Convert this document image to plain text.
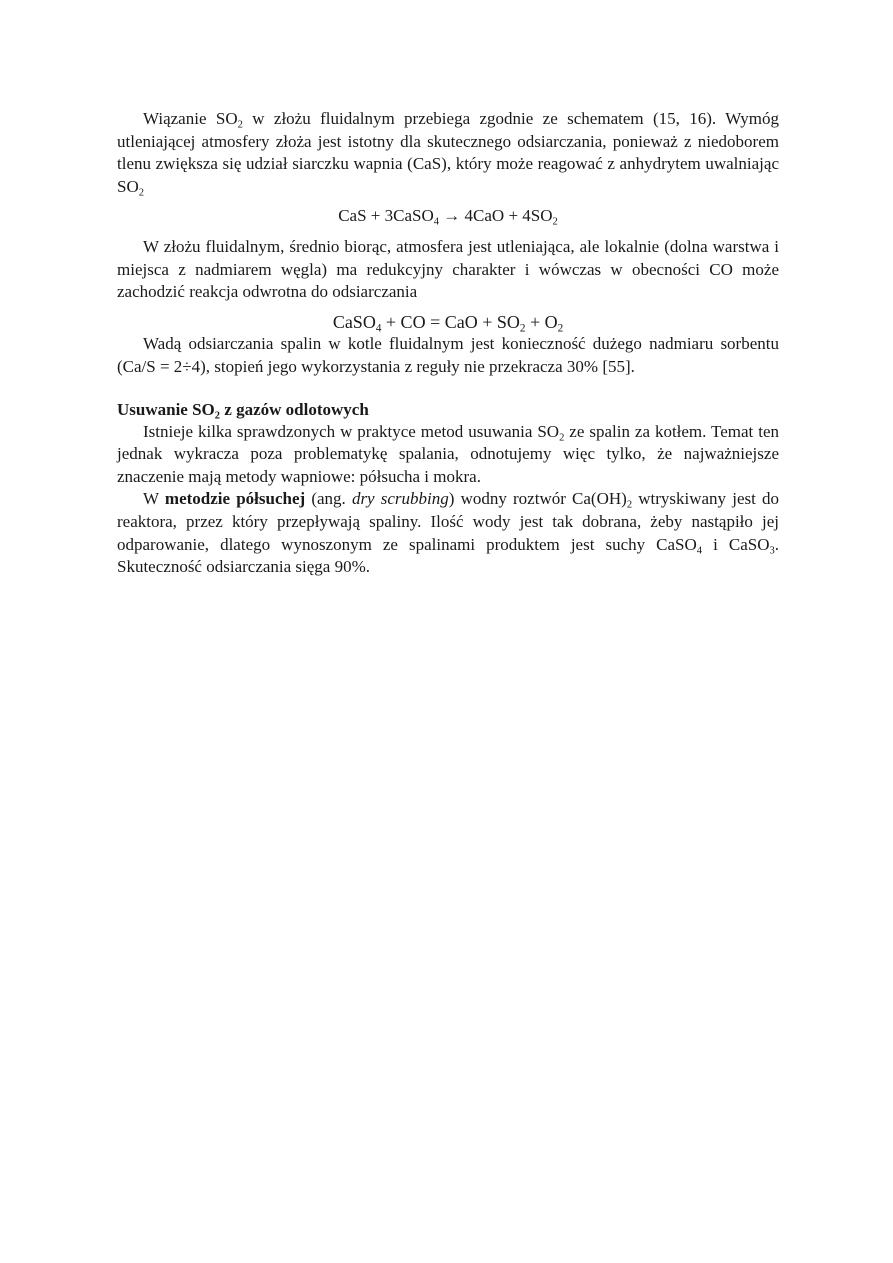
Wiązanie $SO_2$ w złożu fluidalnym przebiega zgodnie ze schematem (15, 16). Wymóg utleniającej atmosfery złoża jest istotny dla skutecznego odsiarczania, ponieważ z niedoborem tlenu zwiększa się udział siarczku wapnia (CaS), który może reagować z anhydrytem uwalniając $SO_2$

CaS + 3CaSO$_4$ → $4CaO + 4SO_2$

W złożu fluidalnym, średnio biorąc, atmosfera jest utleniająca, ale lokalnie (dolna warstwa i miejsca z nadmiarem węgla) ma redukcyjny charakter i wówczas w obecności CO może zachodzić reakcja odwrotna do odsiarczania

CaSO$_4$ + CO = CaO + $SO_2 + O_2$

Wadą odsiarczania spalin w kotle fluidalnym jest konieczność dużego nadmiaru sorbentu (Ca/S = 2÷4), stopień jego wykorzystania z reguły nie przekracza 30% [55].

Usuwanie $SO_2$ z gazów odlotowych

Istnieje kilka sprawdzonych w praktyce metod usuwania $SO_2$ ze spalin za kotłem. Temat ten jednak wykracza poza problematykę spalania, odnotujemy więc tylko, że najważniejsze znaczenie mają metody wapniowe: półsucha i mokra.

W metodzie półsuchej (ang. dry scrubbing) wodny roztwór $Ca(OH)_2$ wtryskiwany jest do reaktora, przez który przepływają spaliny. Ilość wody jest tak dobrana, żeby nastąpiło jej odparowanie, dlatego wynoszonym ze spalinami produktem jest suchy CaSO$_4$ i CaSO$_3$. Skuteczność odsiarczania sięga 90%.
